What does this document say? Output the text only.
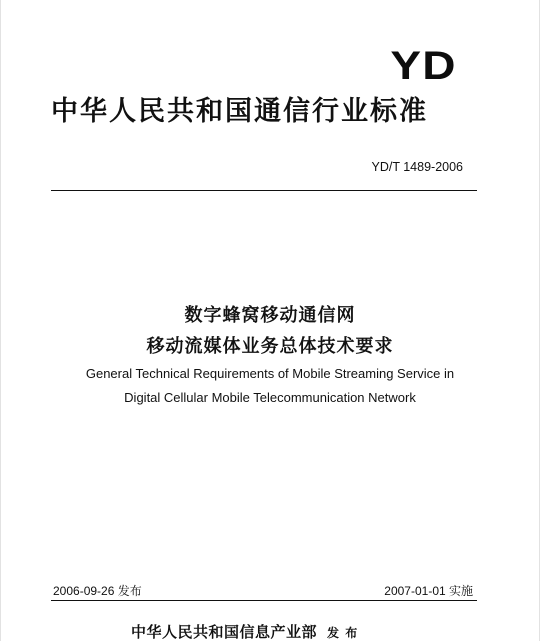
YD
中华人民共和国通信行业标准
YD/T 1489-2006
数字蜂窝移动通信网
移动流媒体业务总体技术要求
General Technical Requirements of Mobile Streaming Service in
Digital Cellular Mobile Telecommunication Network
2006-09-26 发布	2007-01-01 实施
中华人民共和国信息产业部 发 布
